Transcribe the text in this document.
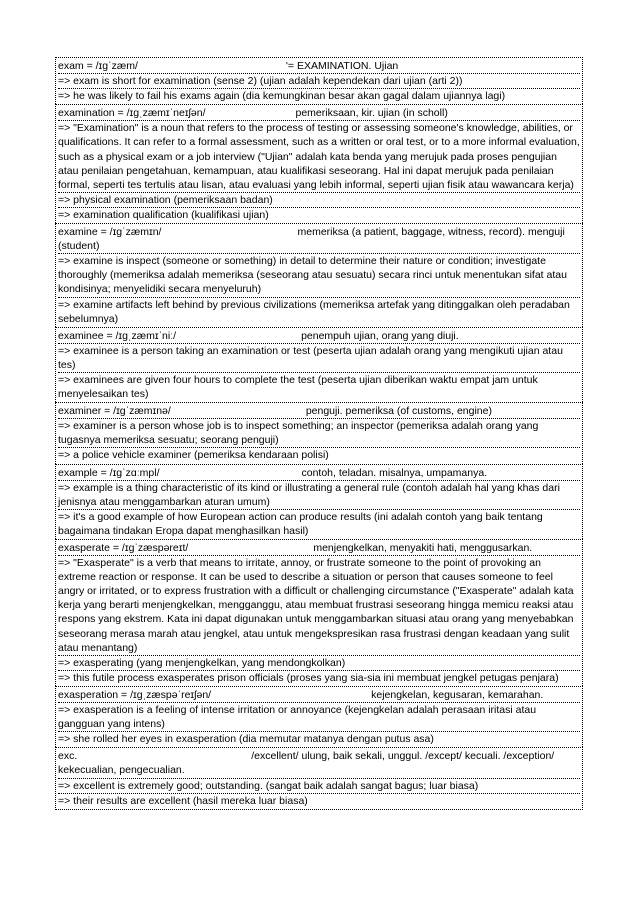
exam = /ɪɡˈzæm/	'= EXAMINATION. Ujian
=> exam is short for examination (sense 2) (ujian adalah kependekan dari ujian (arti 2))
=> he was likely to fail his exams again (dia kemungkinan besar akan gagal dalam ujiannya lagi)
examination = /ɪɡˌzæmɪˈneɪʃən/	pemeriksaan, kir. ujian (in scholl)
=> "Examination" is a noun that refers to the process of testing or assessing someone's knowledge, abilities, or qualifications. It can refer to a formal assessment, such as a written or oral test, or to a more informal evaluation, such as a physical exam or a job interview ("Ujian" adalah kata benda yang merujuk pada proses pengujian atau penilaian pengetahuan, kemampuan, atau kualifikasi seseorang. Hal ini dapat merujuk pada penilaian formal, seperti tes tertulis atau lisan, atau evaluasi yang lebih informal, seperti ujian fisik atau wawancara kerja)
=> physical examination (pemeriksaan badan)
=> examination qualification (kualifikasi ujian)
examine = /ɪɡˈzæmɪn/	memeriksa (a patient, baggage, witness, record). menguji (student)
=> examine is inspect (someone or something) in detail to determine their nature or condition; investigate thoroughly (memeriksa adalah memeriksa (seseorang atau sesuatu) secara rinci untuk menentukan sifat atau kondisinya; menyelidiki secara menyeluruh)
=> examine artifacts left behind by previous civilizations (memeriksa artefak yang ditinggalkan oleh peradaban sebelumnya)
examinee = /ɪɡˌzæmɪˈniː/	penempuh ujian, orang yang diuji.
=> examinee is a person taking an examination or test (peserta ujian adalah orang yang mengikuti ujian atau tes)
=> examinees are given four hours to complete the test (peserta ujian diberikan waktu empat jam untuk menyelesaikan tes)
examiner = /ɪɡˈzæmɪnə/	penguji. pemeriksa (of customs, engine)
=> examiner is a person whose job is to inspect something; an inspector (pemeriksa adalah orang yang tugasnya memeriksa sesuatu; seorang penguji)
=> a police vehicle examiner (pemeriksa kendaraan polisi)
example = /ɪɡˈzɑːmpl/	contoh, teladan. misalnya, umpamanya.
=> example is a thing characteristic of its kind or illustrating a general rule (contoh adalah hal yang khas dari jenisnya atau menggambarkan aturan umum)
=> it's a good example of how European action can produce results (ini adalah contoh yang baik tentang bagaimana tindakan Eropa dapat menghasilkan hasil)
exasperate = /ɪɡˈzæspəreɪt/	menjengkelkan, menyakiti hati, menggusarkan.
=> "Exasperate" is a verb that means to irritate, annoy, or frustrate someone to the point of provoking an extreme reaction or response. It can be used to describe a situation or person that causes someone to feel angry or irritated, or to express frustration with a difficult or challenging circumstance ("Exasperate" adalah kata kerja yang berarti menjengkelkan, mengganggu, atau membuat frustrasi seseorang hingga memicu reaksi atau respons yang ekstrem. Kata ini dapat digunakan untuk menggambarkan situasi atau orang yang menyebabkan seseorang merasa marah atau jengkel, atau untuk mengekspresikan rasa frustrasi dengan keadaan yang sulit atau menantang)
=> exasperating (yang menjengkelkan, yang mendongkolkan)
=> this futile process exasperates prison officials (proses yang sia-sia ini membuat jengkel petugas penjara)
exasperation = /ɪɡˌzæspəˈreɪʃən/	kejengkelan, kegusaran, kemarahan.
=> exasperation is a feeling of intense irritation or annoyance (kejengkelan adalah perasaan iritasi atau gangguan yang intens)
=> she rolled her eyes in exasperation (dia memutar matanya dengan putus asa)
exc.	/excellent/ ulung, baik sekali, unggul. /except/ kecuali. /exception/ kekecualian, pengecualian.
=> excellent is extremely good; outstanding. (sangat baik adalah sangat bagus; luar biasa)
=> their results are excellent (hasil mereka luar biasa)
